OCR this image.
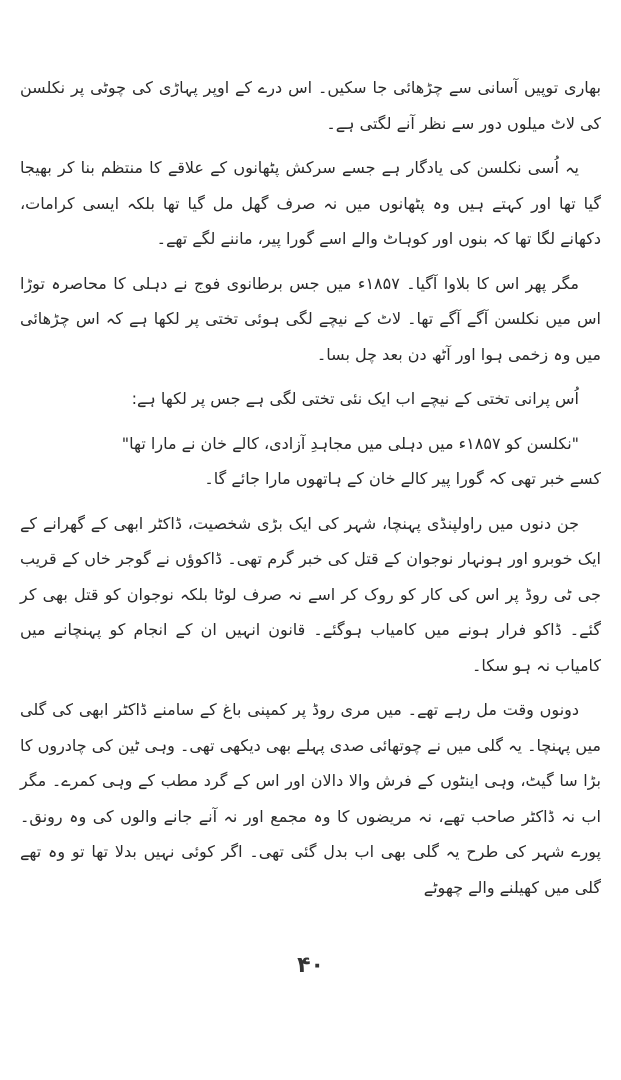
بھاری توپیں آسانی سے چڑھائی جا سکیں۔ اس درے کے اوپر پہاڑی کی چوٹی پر نکلسن کی لاٹ میلوں دور سے نظر آنے لگتی ہے۔

یہ اُسی نکلسن کی یادگار ہے جسے سرکش پٹھانوں کے علاقے کا منتظم بنا کر بھیجا گیا تھا اور کہتے ہیں وہ پٹھانوں میں نہ صرف گھل مل گیا تھا بلکہ ایسی کرامات، دکھانے لگا تھا کہ بنوں اور کوہاٹ والے اسے گورا پیر، ماننے لگے تھے۔

مگر پھر اس کا بلاوا آگیا۔ ۱۸۵۷ء میں جس برطانوی فوج نے دہلی کا محاصرہ توڑا اس میں نکلسن آگے آگے تھا۔ لاٹ کے نیچے لگی ہوئی تختی پر لکھا ہے کہ اس چڑھائی میں وہ زخمی ہوا اور آٹھ دن بعد چل بسا۔

اُس پرانی تختی کے نیچے اب ایک نئی تختی لگی ہے جس پر لکھا ہے:

"نکلسن کو ۱۸۵۷ء میں دہلی میں مجاہدِ آزادی، کالے خان نے مارا تھا"

کسے خبر تھی کہ گورا پیر کالے خان کے ہاتھوں مارا جائے گا۔

جن دنوں میں راولپنڈی پہنچا، شہر کی ایک بڑی شخصیت، ڈاکٹر ابھی کے گھرانے کے ایک خوبرو اور ہونہار نوجوان کے قتل کی خبر گرم تھی۔ ڈاکوؤں نے گوجر خاں کے قریب جی ٹی روڈ پر اس کی کار کو روک کر اسے نہ صرف لوٹا بلکہ نوجوان کو قتل بھی کر گئے۔ ڈاکو فرار ہونے میں کامیاب ہوگئے۔ قانون انہیں ان کے انجام کو پہنچانے میں کامیاب نہ ہو سکا۔

دونوں وقت مل رہے تھے۔ میں مری روڈ پر کمپنی باغ کے سامنے ڈاکٹر ابھی کی گلی میں پہنچا۔ یہ گلی میں نے چوتھائی صدی پہلے بھی دیکھی تھی۔ وہی ٹین کی چادروں کا بڑا سا گیٹ، وہی اینٹوں کے فرش والا دالان اور اس کے گرد مطب کے وہی کمرے۔ مگر اب نہ ڈاکٹر صاحب تھے، نہ مریضوں کا وہ مجمع اور نہ آنے جانے والوں کی وہ رونق۔ پورے شہر کی طرح یہ گلی بھی اب بدل گئی تھی۔ اگر کوئی نہیں بدلا تھا تو وہ تھے گلی میں کھیلنے والے چھوٹے

۴۰
